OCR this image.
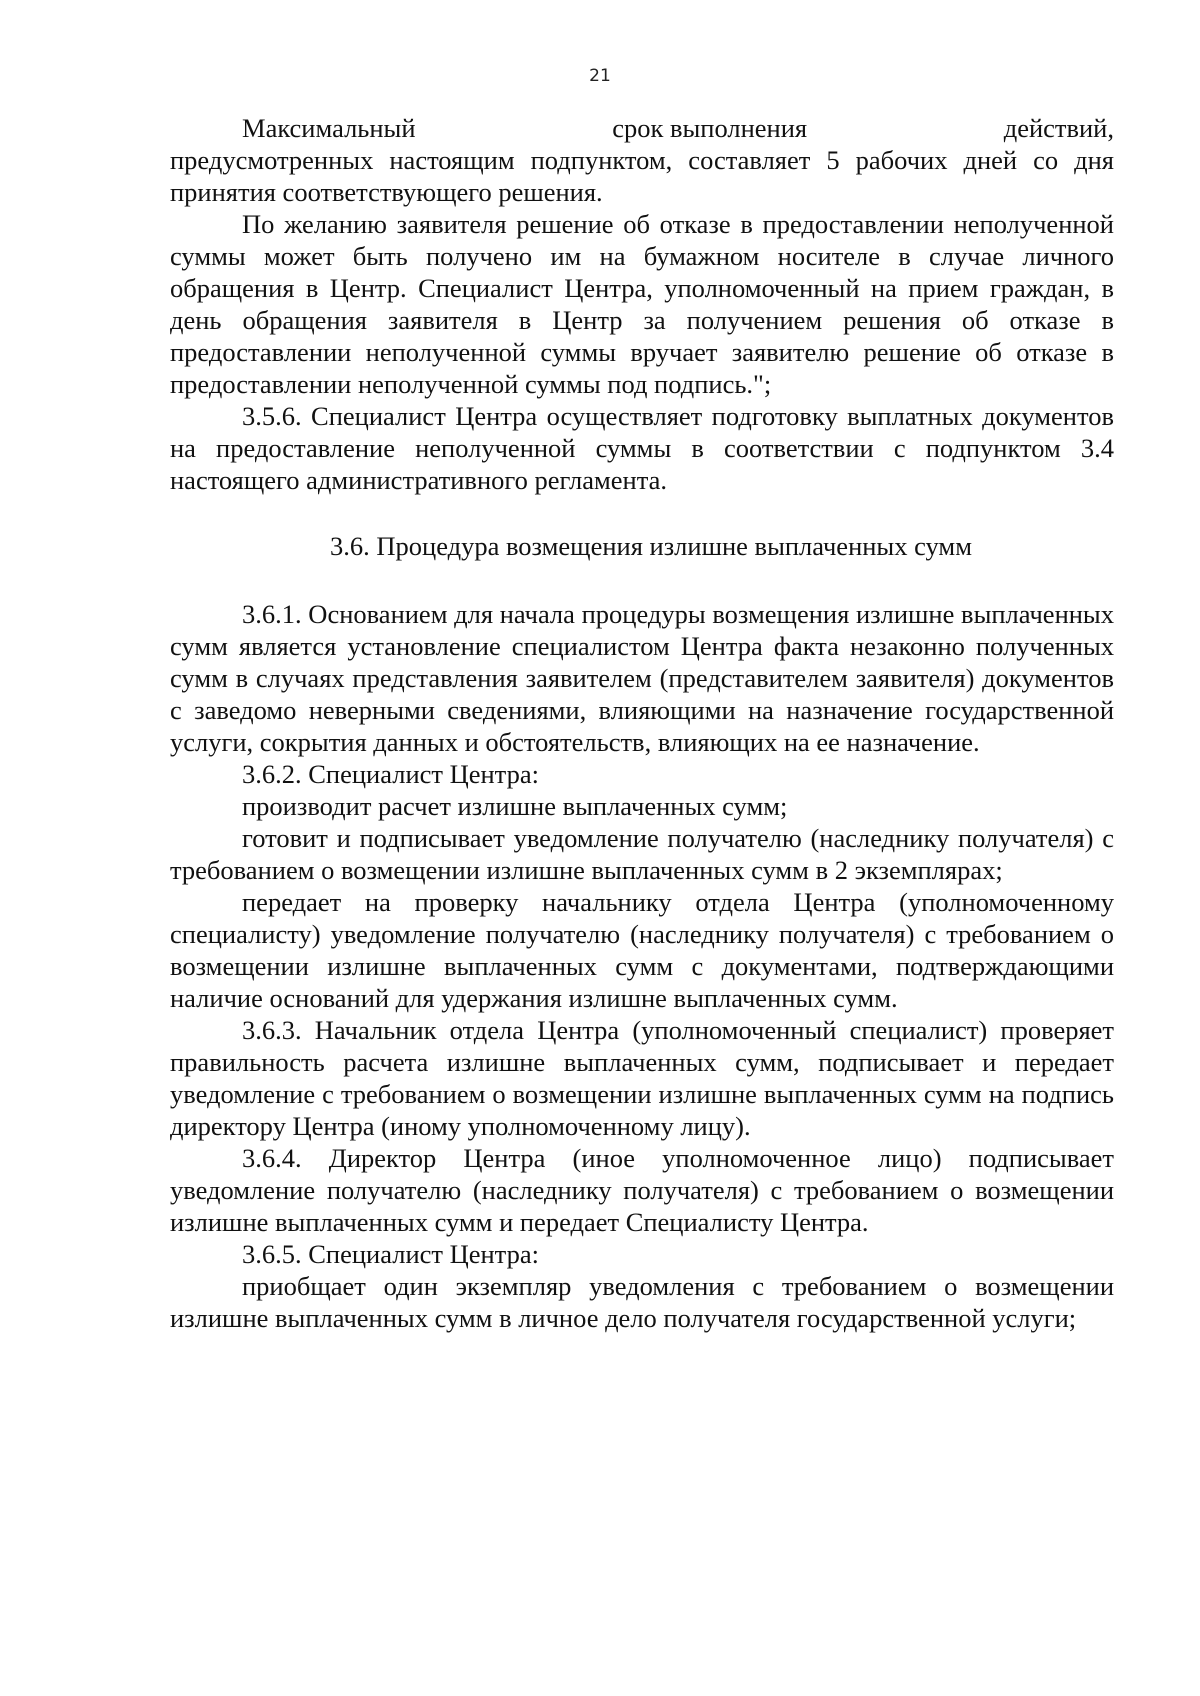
21
Максимальный	срок выполнения	действий,

предусмотренных настоящим подпунктом, составляет 5 рабочих дней со дня принятия соответствующего решения.

По желанию заявителя решение об отказе в предоставлении неполученной суммы может быть получено им на бумажном носителе в случае личного обращения в Центр. Специалист Центра, уполномоченный на прием граждан, в день обращения заявителя в Центр за получением решения об отказе в предоставлении неполученной суммы вручает заявителю решение об отказе в предоставлении неполученной суммы под подпись.";

3.5.6. Специалист Центра осуществляет подготовку выплатных документов на предоставление неполученной суммы в соответствии с подпунктом 3.4 настоящего административного регламента.

3.6. Процедура возмещения излишне выплаченных сумм

3.6.1. Основанием для начала процедуры возмещения излишне выплаченных сумм является установление специалистом Центра факта незаконно полученных сумм в случаях представления заявителем (представителем заявителя) документов с заведомо неверными сведениями, влияющими на назначение государственной услуги, сокрытия данных и обстоятельств, влияющих на ее назначение.

3.6.2. Специалист Центра:

производит расчет излишне выплаченных сумм;

готовит и подписывает уведомление получателю (наследнику получателя) с требованием о возмещении излишне выплаченных сумм в 2 экземплярах;

передает на проверку начальнику отдела Центра (уполномоченному специалисту) уведомление получателю (наследнику получателя) с требованием о возмещении излишне выплаченных сумм с документами, подтверждающими наличие оснований для удержания излишне выплаченных сумм.

3.6.3. Начальник отдела Центра (уполномоченный специалист) проверяет правильность расчета излишне выплаченных сумм, подписывает и передает уведомление с требованием о возмещении излишне выплаченных сумм на подпись директору Центра (иному уполномоченному лицу).

3.6.4. Директор Центра (иное уполномоченное лицо) подписывает уведомление получателю (наследнику получателя) с требованием о возмещении излишне выплаченных сумм и передает Специалисту Центра.

3.6.5. Специалист Центра:

приобщает один экземпляр уведомления с требованием о возмещении излишне выплаченных сумм в личное дело получателя государственной услуги;
